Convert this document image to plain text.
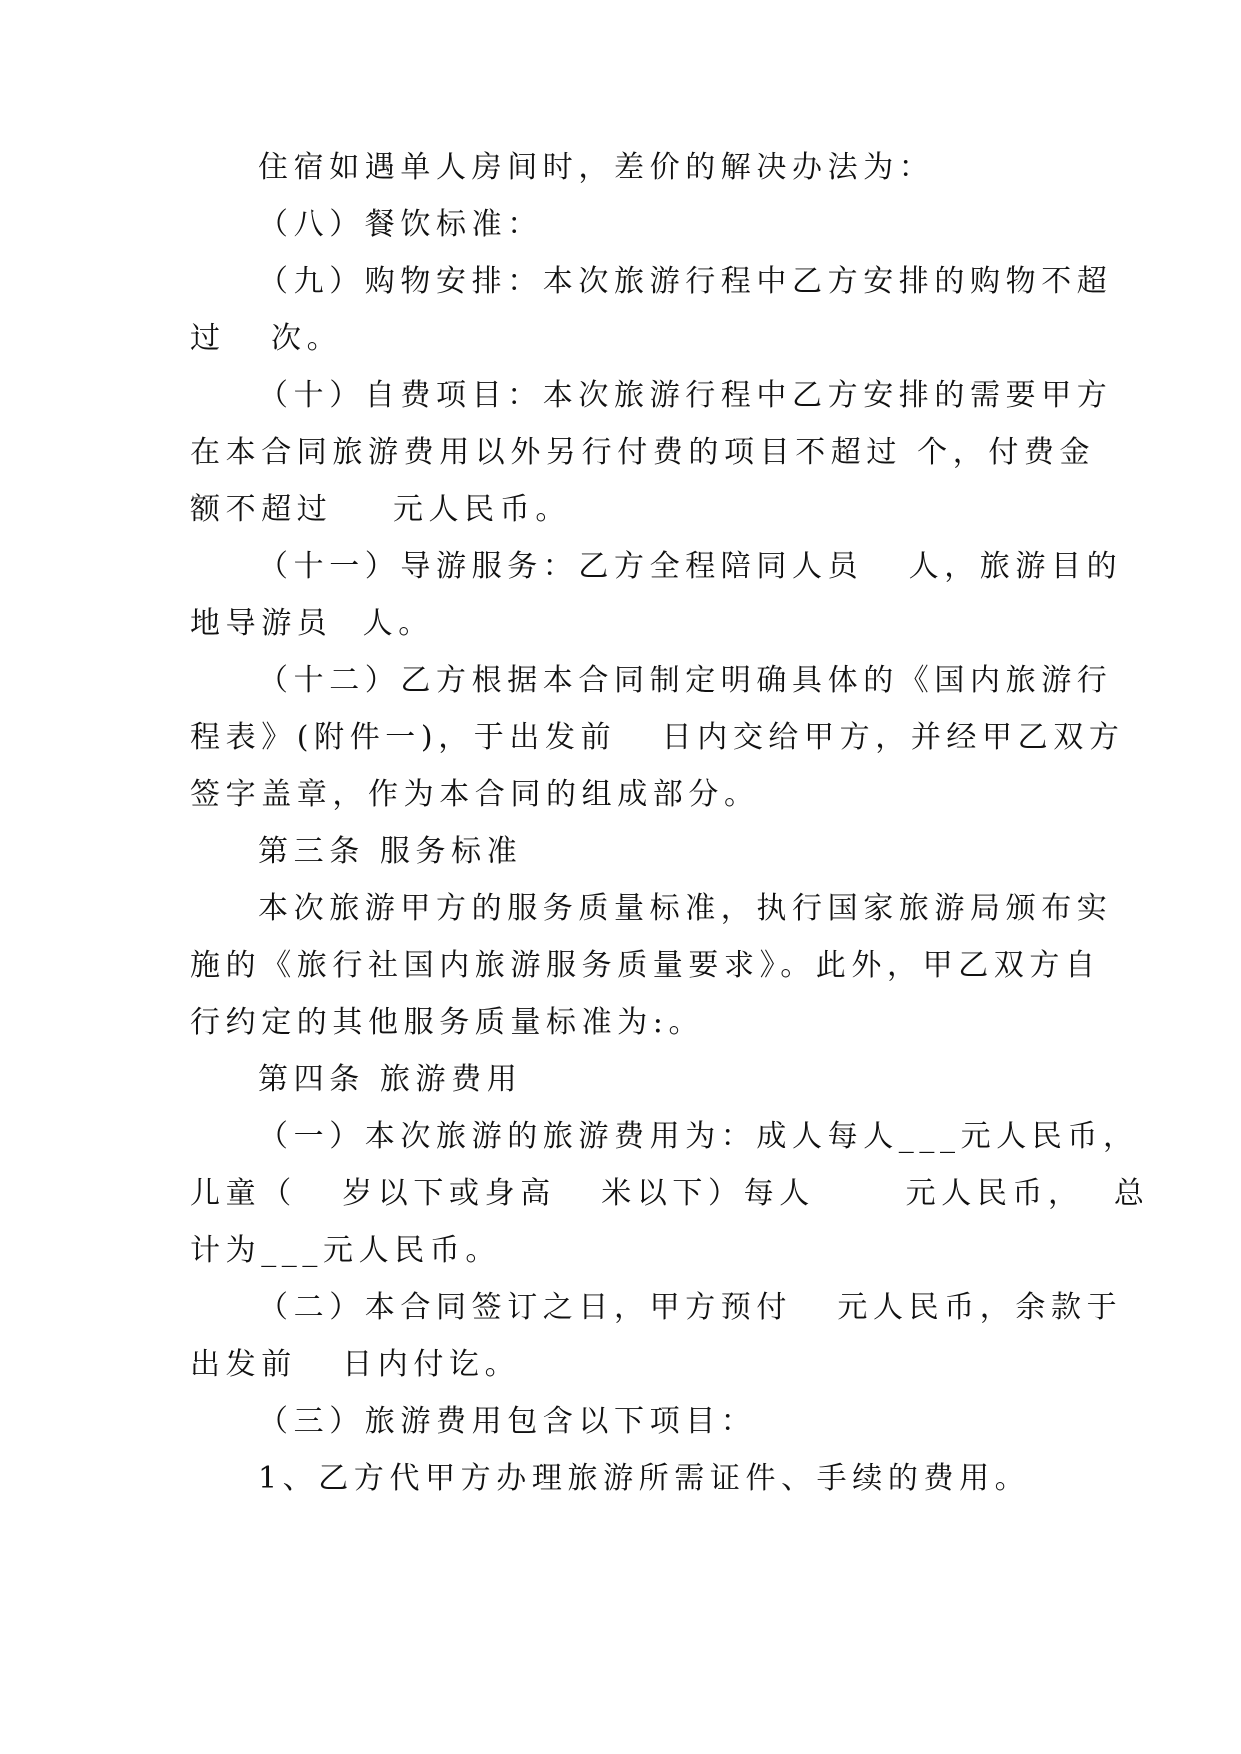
住宿如遇单人房间时，差价的解决办法为：
（八）餐饮标准：
（九）购物安排：本次旅游行程中乙方安排的购物不超
过   次。
（十）自费项目：本次旅游行程中乙方安排的需要甲方
在本合同旅游费用以外另行付费的项目不超过 个，付费金
额不超过    元人民币。
（十一）导游服务：乙方全程陪同人员   人，旅游目的
地导游员  人。
（十二）乙方根据本合同制定明确具体的《国内旅游行
程表》(附件一)，于出发前   日内交给甲方，并经甲乙双方
签字盖章，作为本合同的组成部分。
第三条 服务标准
本次旅游甲方的服务质量标准，执行国家旅游局颁布实
施的《旅行社国内旅游服务质量要求》。此外，甲乙双方自
行约定的其他服务质量标准为:。
第四条 旅游费用
（一）本次旅游的旅游费用为：成人每人___元人民币，
儿童（   岁以下或身高   米以下）每人      元人民币，  总
计为___元人民币。
（二）本合同签订之日，甲方预付   元人民币，余款于
出发前   日内付讫。
（三）旅游费用包含以下项目：
1、乙方代甲方办理旅游所需证件、手续的费用。
